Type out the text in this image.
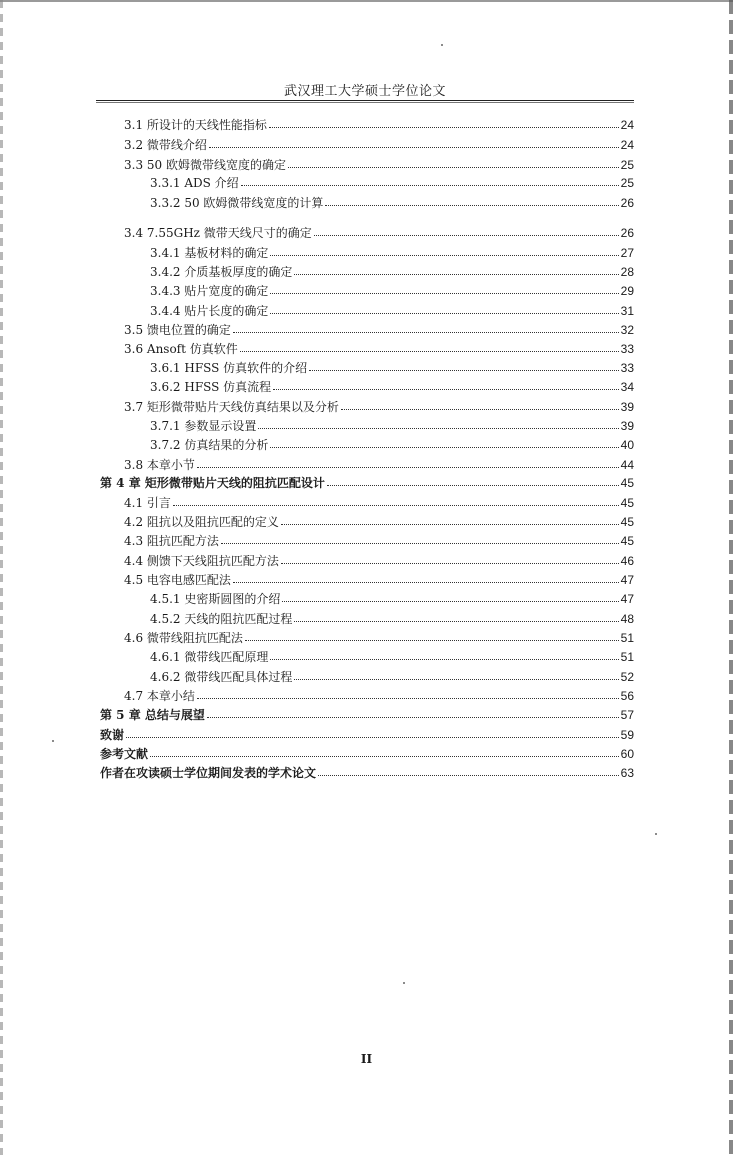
武汉理工大学硕士学位论文
3.1 所设计的天线性能指标	24
3.2 微带线介绍	24
3.3 50 欧姆微带线宽度的确定	25
3.3.1 ADS 介绍	25
3.3.2 50 欧姆微带线宽度的计算	26
3.4 7.55GHz 微带天线尺寸的确定	26
3.4.1 基板材料的确定	27
3.4.2 介质基板厚度的确定	28
3.4.3 贴片宽度的确定	29
3.4.4 贴片长度的确定	31
3.5 馈电位置的确定	32
3.6 Ansoft 仿真软件	33
3.6.1 HFSS 仿真软件的介绍	33
3.6.2 HFSS 仿真流程	34
3.7 矩形微带贴片天线仿真结果以及分析	39
3.7.1 参数显示设置	39
3.7.2 仿真结果的分析	40
3.8 本章小节	44
第 4 章 矩形微带贴片天线的阻抗匹配设计	45
4.1 引言	45
4.2 阻抗以及阻抗匹配的定义	45
4.3 阻抗匹配方法	45
4.4 侧馈下天线阻抗匹配方法	46
4.5 电容电感匹配法	47
4.5.1 史密斯圆图的介绍	47
4.5.2 天线的阻抗匹配过程	48
4.6 微带线阻抗匹配法	51
4.6.1 微带线匹配原理	51
4.6.2 微带线匹配具体过程	52
4.7 本章小结	56
第 5 章 总结与展望	57
致谢	59
参考文献	60
作者在攻读硕士学位期间发表的学术论文	63
II
